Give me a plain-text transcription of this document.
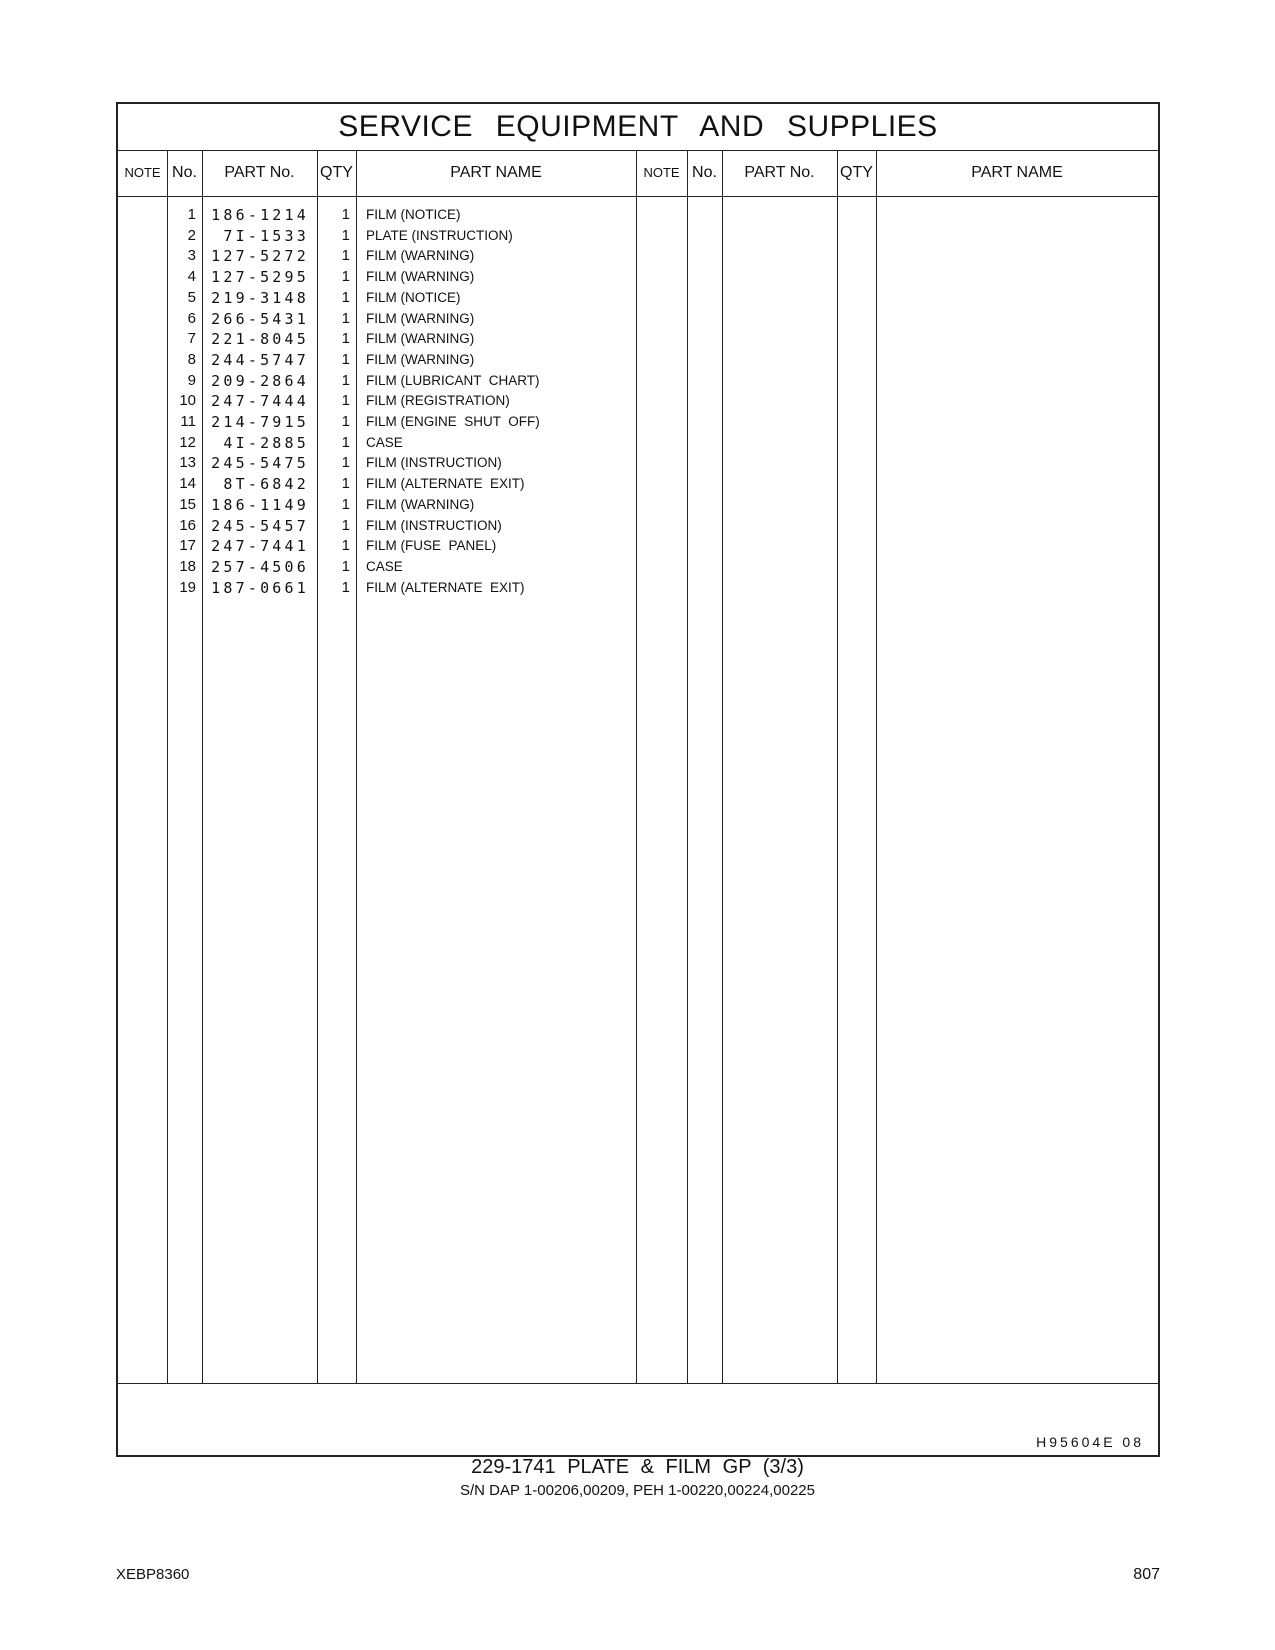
SERVICE EQUIPMENT AND SUPPLIES
NOTE No.	PART No.	QTY	PART NAME	NOTE No.	PART No.	QTY	PART NAME
1	186-1214	1 FILM (NOTICE)
2	7I-1533	1 PLATE (INSTRUCTION)
3	127-5272	1 FILM (WARNING)
4	127-5295	1 FILM (WARNING)
5	219-3148	1 FILM (NOTICE)
6	266-5431	1 FILM (WARNING)
7	221-8045	1 FILM (WARNING)
8	244-5747	1 FILM (WARNING)
9	209-2864	1 FILM (LUBRICANT  CHART)
10	247-7444	1 FILM (REGISTRATION)
11	214-7915	1 FILM (ENGINE  SHUT  OFF)
12	4I-2885	1 CASE
13	245-5475	1 FILM (INSTRUCTION)
14	8T-6842	1 FILM (ALTERNATE  EXIT)
15	186-1149	1 FILM (WARNING)
16	245-5457	1 FILM (INSTRUCTION)
17	247-7441	1 FILM (FUSE  PANEL)
18	257-4506	1 CASE
19	187-0661	1 FILM (ALTERNATE  EXIT)
H95604E 08
229-1741 PLATE & FILM GP (3/3)
S/N DAP 1-00206,00209, PEH 1-00220,00224,00225
XEBP8360	807
